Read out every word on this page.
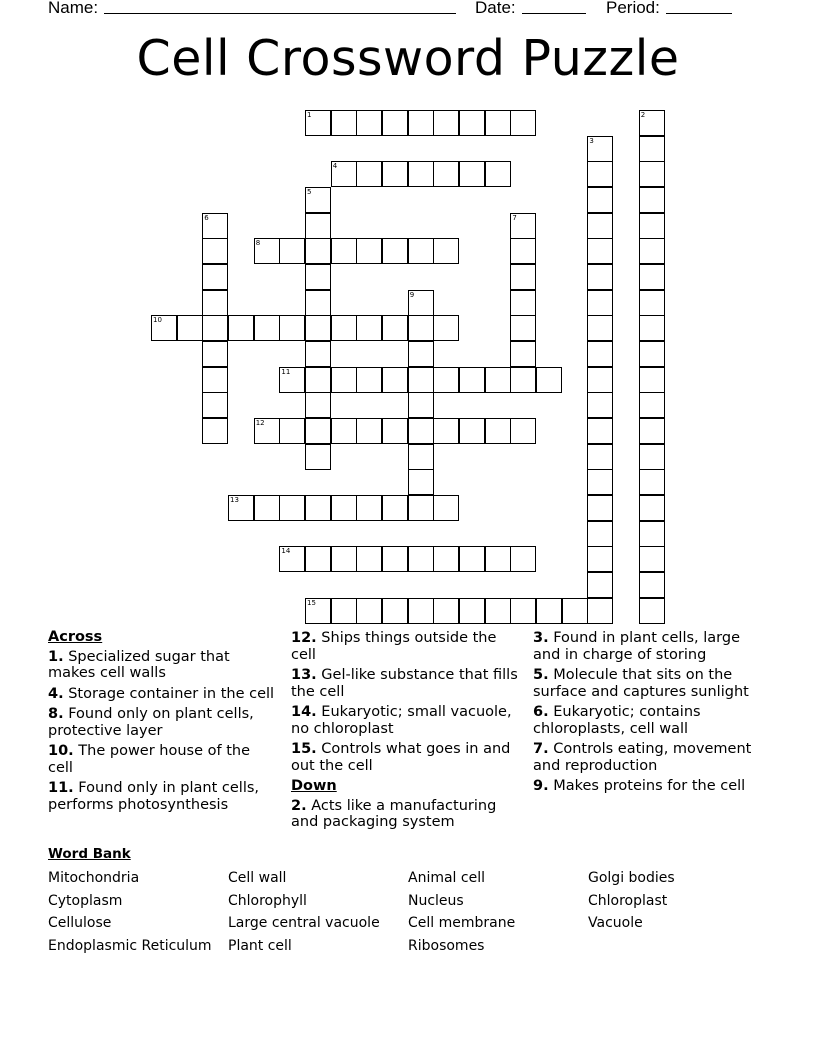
Name:	Date:	Period:
Cell Crossword Puzzle
1	2
3
4
5
6	7
8
9
10
11
12
13
14
15
Across
1. Specialized sugar that makes cell walls
4. Storage container in the cell
8. Found only on plant cells, protective layer
10. The power house of the cell
11. Found only in plant cells, performs photosynthesis
12. Ships things outside the cell
13. Gel-like substance that fills the cell
14. Eukaryotic; small vacuole, no chloroplast
15. Controls what goes in and out the cell
Down
2. Acts like a manufacturing and packaging system
3. Found in plant cells, large and in charge of storing
5. Molecule that sits on the surface and captures sunlight
6. Eukaryotic; contains chloroplasts, cell wall
7. Controls eating, movement and reproduction
9. Makes proteins for the cell
Word Bank
Mitochondria
Cytoplasm
Cellulose
Endoplasmic Reticulum
Cell wall
Chlorophyll
Large central vacuole
Plant cell
Animal cell
Nucleus
Cell membrane
Ribosomes
Golgi bodies
Chloroplast
Vacuole
